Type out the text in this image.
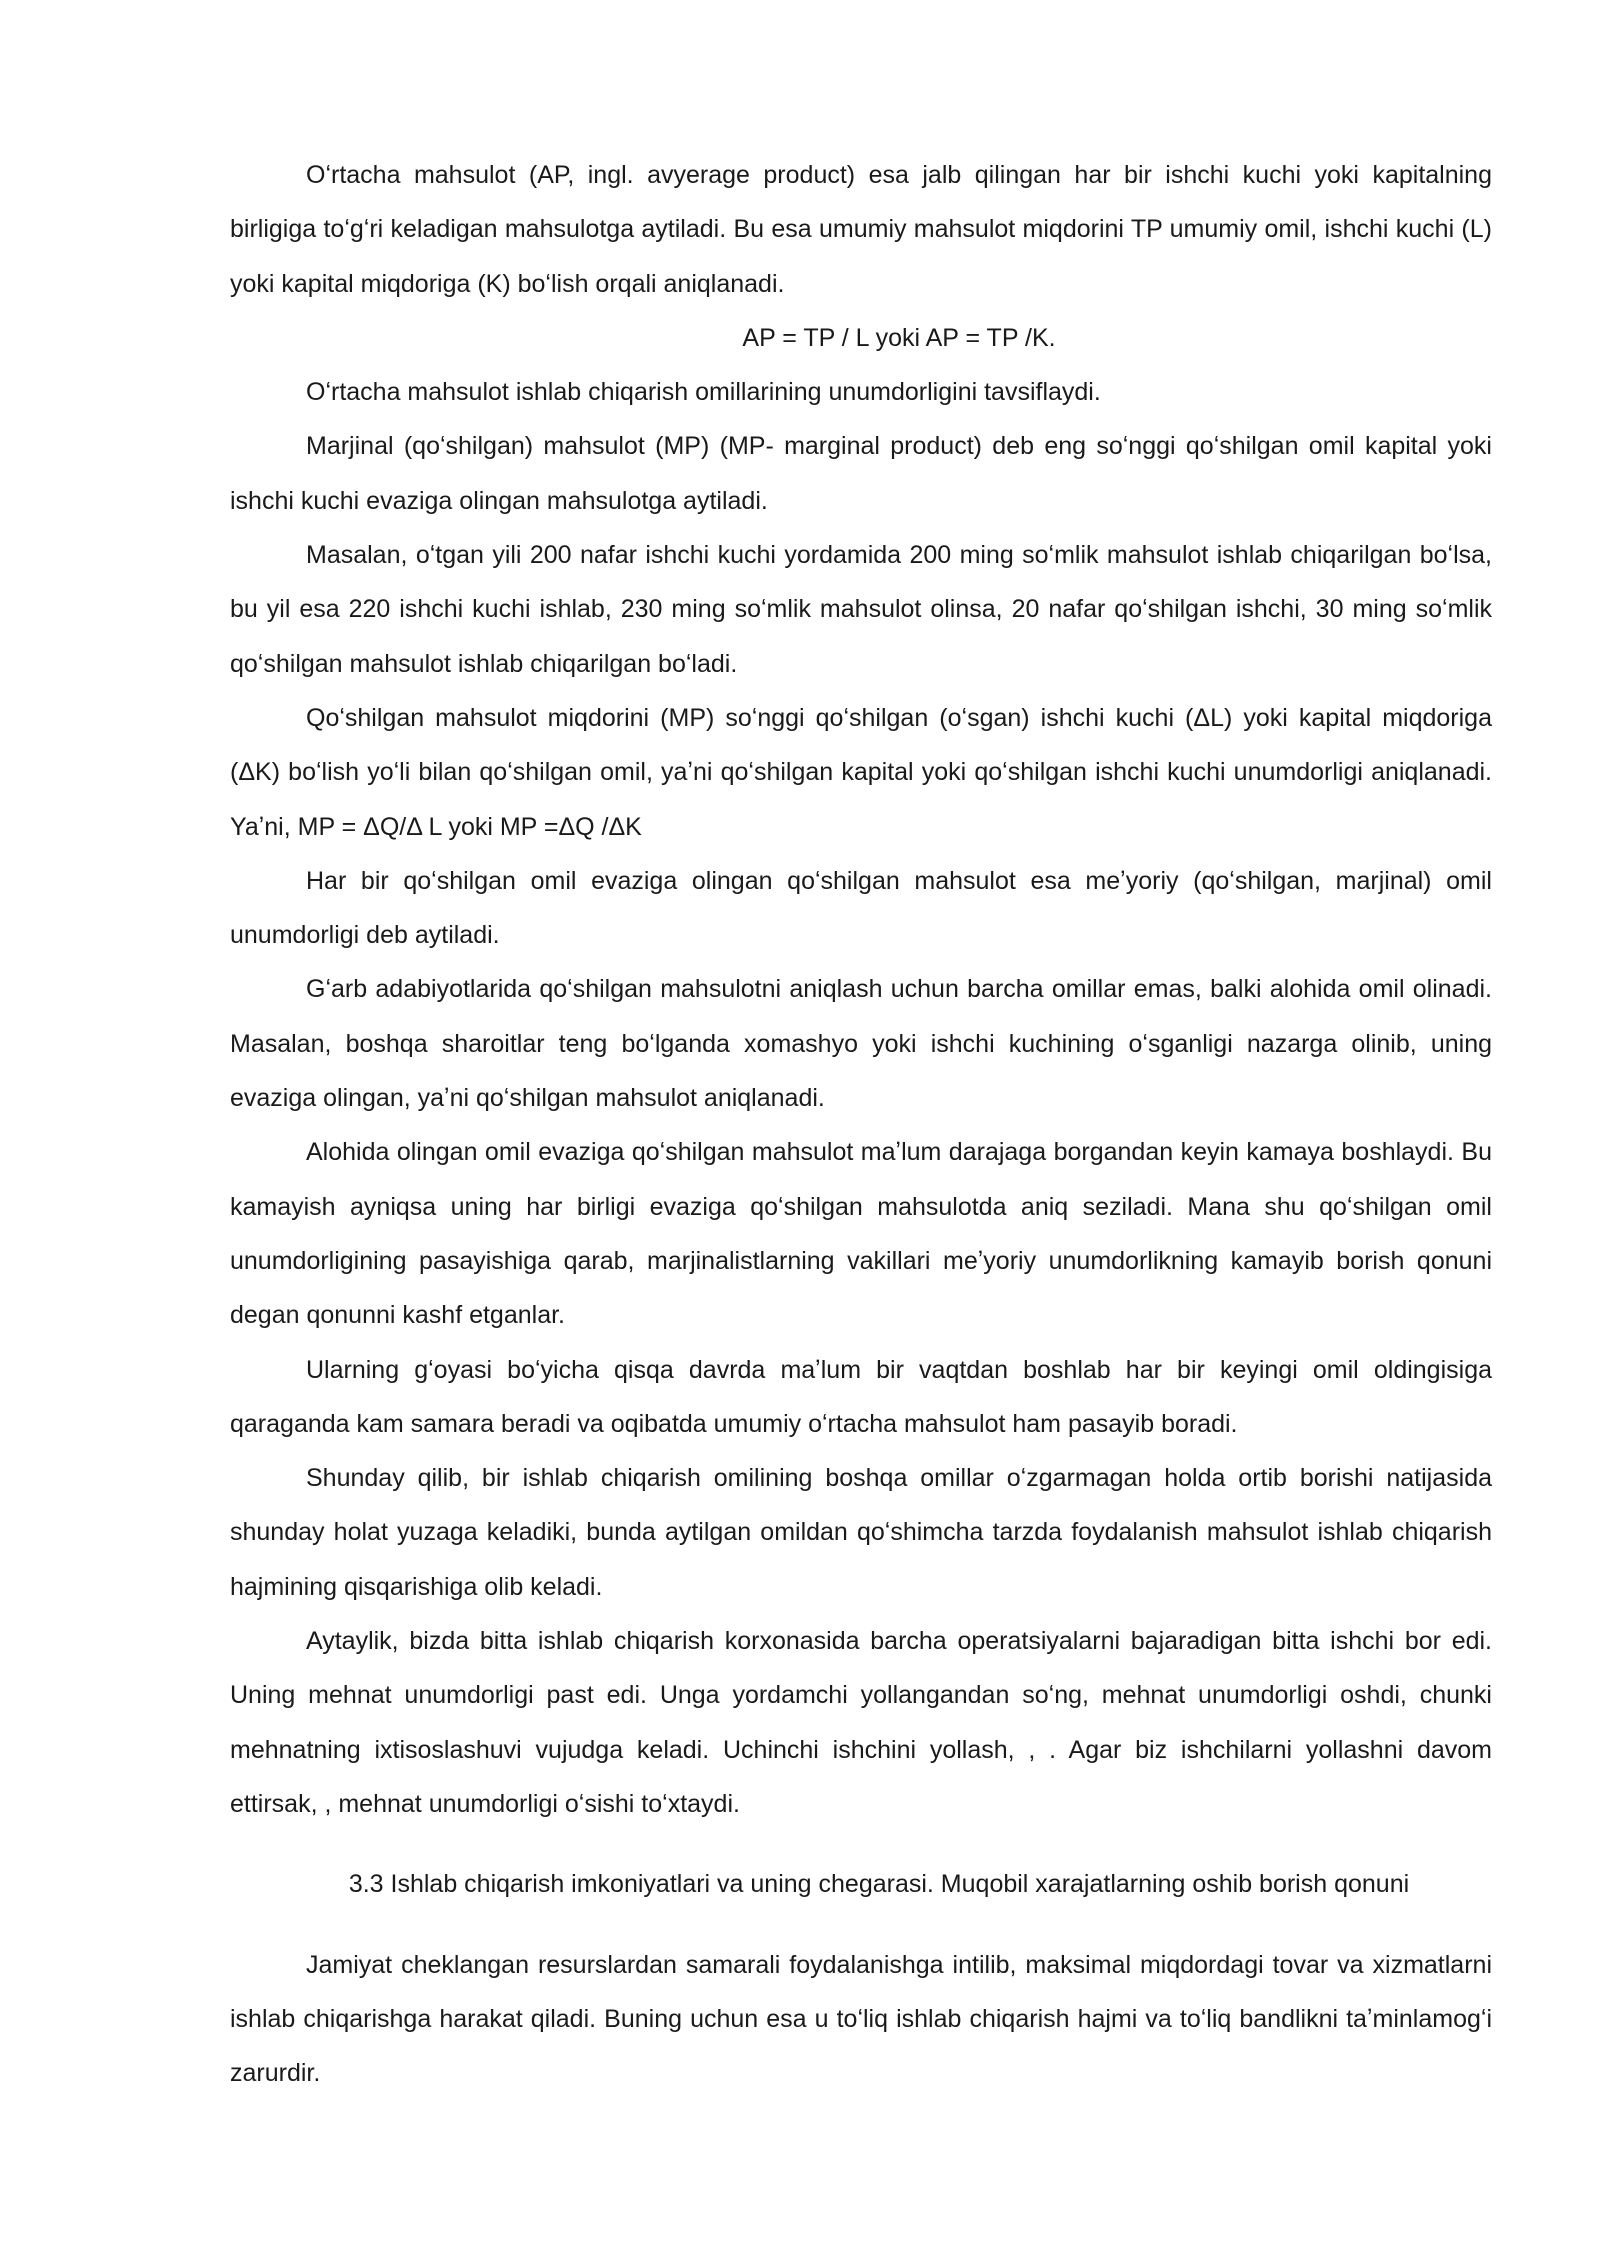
Oʻrtacha mahsulot (AP, ingl. avyerage product) esa jalb qilingan har bir ishchi kuchi yoki kapitalning birligiga toʻgʻri keladigan mahsulotga aytiladi. Bu esa umumiy mahsulot miqdorini TP umumiy omil, ishchi kuchi (L) yoki kapital miqdoriga (K) boʻlish orqali aniqlanadi.

AP = TP / L yoki AP = TP /K.

Oʻrtacha mahsulot ishlab chiqarish omillarining unumdorligini tavsiflaydi.

Marjinal (qoʻshilgan) mahsulot (MP) (MP- marginal product) deb eng soʻnggi qoʻshilgan omil kapital yoki ishchi kuchi evaziga olingan mahsulotga aytiladi.

Masalan, oʻtgan yili 200 nafar ishchi kuchi yordamida 200 ming soʻmlik mahsulot ishlab chiqarilgan boʻlsa, bu yil esa 220 ishchi kuchi ishlab, 230 ming soʻmlik mahsulot olinsa, 20 nafar qoʻshilgan ishchi, 30 ming soʻmlik qoʻshilgan mahsulot ishlab chiqarilgan boʻladi.

Qoʻshilgan mahsulot miqdorini (MP) soʻnggi qoʻshilgan (oʻsgan) ishchi kuchi (ΔL) yoki kapital miqdoriga (ΔK) boʻlish yoʻli bilan qoʻshilgan omil, yaʼni qoʻshilgan kapital yoki qoʻshilgan ishchi kuchi unumdorligi aniqlanadi. Yaʼni, MP = ΔQ/Δ L yoki MP =ΔQ /ΔK

Har bir qoʻshilgan omil evaziga olingan qoʻshilgan mahsulot esa meʼyoriy (qoʻshilgan, marjinal) omil unumdorligi deb aytiladi.

Gʻarb adabiyotlarida qoʻshilgan mahsulotni aniqlash uchun barcha omillar emas, balki alohida omil olinadi. Masalan, boshqa sharoitlar teng boʻlganda xomashyo yoki ishchi kuchining oʻsganligi nazarga olinib, uning evaziga olingan, yaʼni qoʻshilgan mahsulot aniqlanadi.

Alohida olingan omil evaziga qoʻshilgan mahsulot maʼlum darajaga borgandan keyin kamaya boshlaydi. Bu kamayish ayniqsa uning har birligi evaziga qoʻshilgan mahsulotda aniq seziladi. Mana shu qoʻshilgan omil unumdorligining pasayishiga qarab, marjinalistlarning vakillari meʼyoriy unumdorlikning kamayib borish qonuni degan qonunni kashf etganlar.

Ularning gʻoyasi boʻyicha qisqa davrda maʼlum bir vaqtdan boshlab har bir keyingi omil oldingisiga qaraganda kam samara beradi va oqibatda umumiy oʻrtacha mahsulot ham pasayib boradi.

Shunday qilib, bir ishlab chiqarish omilining boshqa omillar oʻzgarmagan holda ortib borishi natijasida shunday holat yuzaga keladiki, bunda aytilgan omildan qoʻshimcha tarzda foydalanish mahsulot ishlab chiqarish hajmining qisqarishiga olib keladi.

Aytaylik, bizda bitta ishlab chiqarish korxonasida barcha operatsiyalarni bajaradigan bitta ishchi bor edi. Uning mehnat unumdorligi past edi. Unga yordamchi yollangandan soʻng, mehnat unumdorligi oshdi, chunki mehnatning ixtisoslashuvi vujudga keladi. Uchinchi ishchini yollash, , . Agar biz ishchilarni yollashni davom ettirsak, , mehnat unumdorligi oʻsishi toʻxtaydi.

3.3 Ishlab chiqarish imkoniyatlari va uning chegarasi. Muqobil xarajatlarning oshib borish qonuni

Jamiyat cheklangan resurslardan samarali foydalanishga intilib, maksimal miqdordagi tovar va xizmatlarni ishlab chiqarishga harakat qiladi. Buning uchun esa u toʻliq ishlab chiqarish hajmi va toʻliq bandlikni taʼminlamogʻi zarurdir.
